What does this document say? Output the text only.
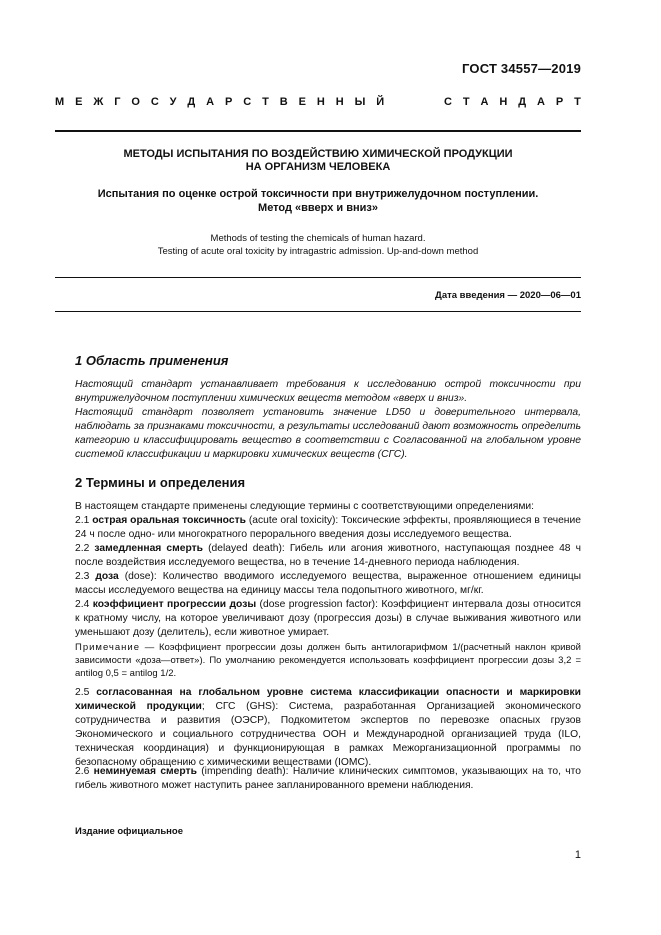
ГОСТ 34557—2019
М Е Ж Г О С У Д А Р С Т В Е Н Н Ы Й	С Т А Н Д А Р Т
МЕТОДЫ ИСПЫТАНИЯ ПО ВОЗДЕЙСТВИЮ ХИМИЧЕСКОЙ ПРОДУКЦИИ
НА ОРГАНИЗМ ЧЕЛОВЕКА
Испытания по оценке острой токсичности при внутрижелудочном поступлении.
Метод «вверх и вниз»
Methods of testing the chemicals of human hazard.
Testing of acute oral toxicity by intragastric admission. Up-and-down method
Дата введения — 2020—06—01
1 Область применения
Настоящий стандарт устанавливает требования к исследованию острой токсичности при внутрижелудочном поступлении химических веществ методом «вверх и вниз».
Настоящий стандарт позволяет установить значение LD50 и доверительного интервала, наблюдать за признаками токсичности, а результаты исследований дают возможность определить категорию и классифицировать вещество в соответствии с Согласованной на глобальном уровне системой классификации и маркировки химических веществ (СГС).
2 Термины и определения
В настоящем стандарте применены следующие термины с соответствующими определениями:
2.1 острая оральная токсичность (acute oral toxicity): Токсические эффекты, проявляющиеся в течение 24 ч после одно- или многократного перорального введения дозы исследуемого вещества.
2.2 замедленная смерть (delayed death): Гибель или агония животного, наступающая позднее 48 ч после воздействия исследуемого вещества, но в течение 14-дневного периода наблюдения.
2.3 доза (dose): Количество вводимого исследуемого вещества, выраженное отношением единицы массы исследуемого вещества на единицу массы тела подопытного животного, мг/кг.
2.4 коэффициент прогрессии дозы (dose progression factor): Коэффициент интервала дозы относится к кратному числу, на которое увеличивают дозу (прогрессия дозы) в случае выживания животного или уменьшают дозу (делитель), если животное умирает.
Примечание — Коэффициент прогрессии дозы должен быть антилогарифмом 1/(расчетный наклон кривой зависимости «доза—ответ»). По умолчанию рекомендуется использовать коэффициент прогрессии дозы 3,2 = antilog 0,5 = antilog 1/2.
2.5 согласованная на глобальном уровне система классификации опасности и маркировки химической продукции; СГС (GHS): Система, разработанная Организацией экономического сотрудничества и развития (ОЭСР), Подкомитетом экспертов по перевозке опасных грузов Экономического и социального сотрудничества ООН и Международной организацией труда (ILO, техническая координация) и функционирующая в рамках Межорганизационной программы по безопасному обращению с химическими веществами (IOMC).
2.6 неминуемая смерть (impending death): Наличие клинических симптомов, указывающих на то, что гибель животного может наступить ранее запланированного времени наблюдения.
Издание официальное
1
